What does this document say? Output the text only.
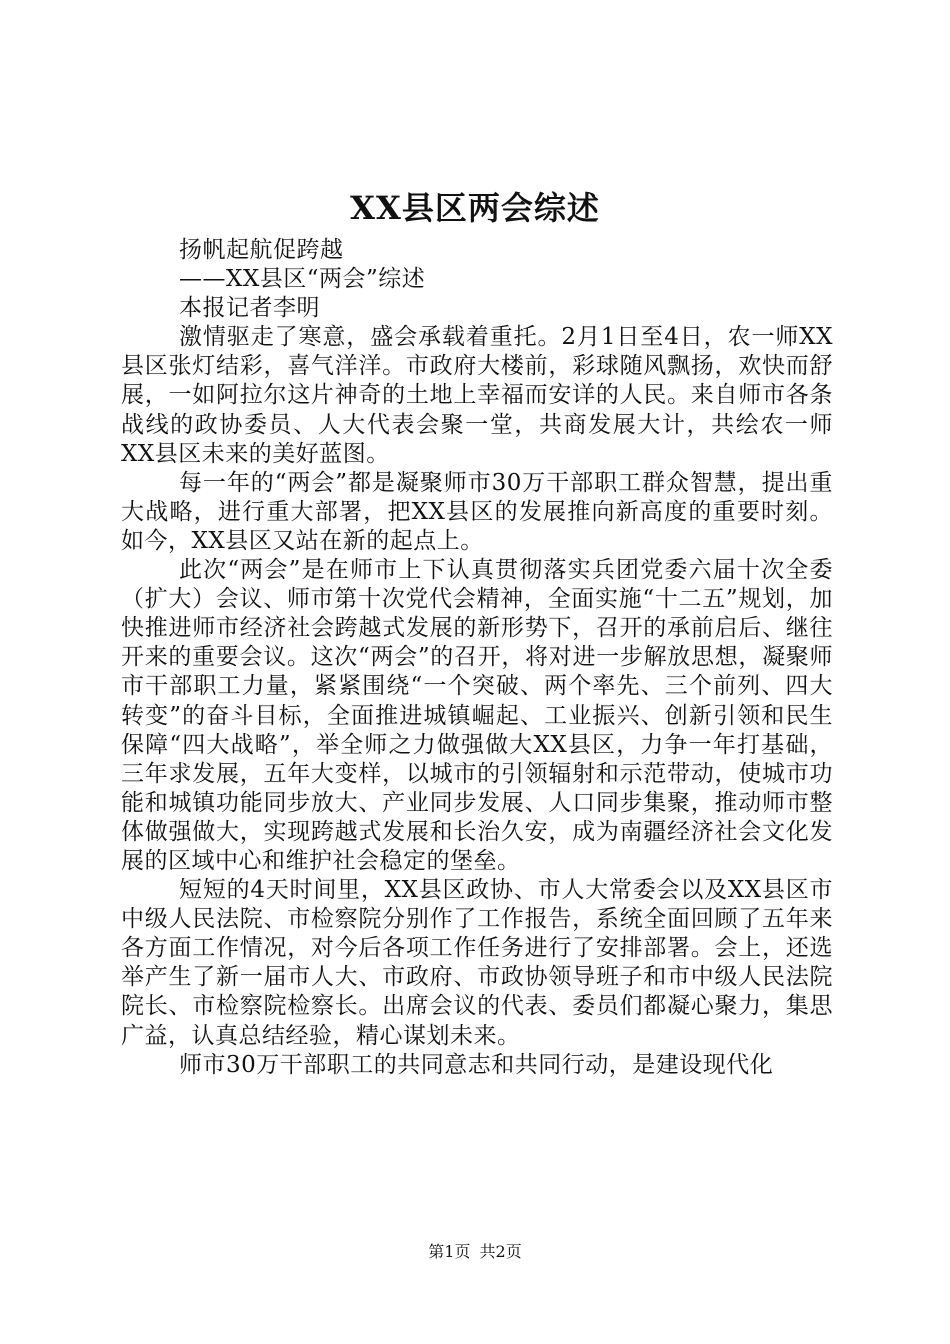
XX县区两会综述

扬帆起航促跨越

——XX县区“两会”综述

本报记者李明

激情驱走了寒意，盛会承载着重托。2月1日至4日，农一师XX县区张灯结彩，喜气洋洋。市政府大楼前，彩球随风飘扬，欢快而舒展，一如阿拉尔这片神奇的土地上幸福而安详的人民。来自师市各条战线的政协委员、人大代表会聚一堂，共商发展大计，共绘农一师XX县区未来的美好蓝图。

每一年的“两会”都是凝聚师市30万干部职工群众智慧，提出重大战略，进行重大部署，把XX县区的发展推向新高度的重要时刻。如今，XX县区又站在新的起点上。

此次“两会”是在师市上下认真贯彻落实兵团党委六届十次全委（扩大）会议、师市第十次党代会精神，全面实施“十二五”规划，加快推进师市经济社会跨越式发展的新形势下，召开的承前启后、继往开来的重要会议。这次“两会”的召开，将对进一步解放思想，凝聚师市干部职工力量，紧紧围绕“一个突破、两个率先、三个前列、四大转变”的奋斗目标，全面推进城镇崛起、工业振兴、创新引领和民生保障“四大战略”，举全师之力做强做大XX县区，力争一年打基础，三年求发展，五年大变样，以城市的引领辐射和示范带动，使城市功能和城镇功能同步放大、产业同步发展、人口同步集聚，推动师市整体做强做大，实现跨越式发展和长治久安，成为南疆经济社会文化发展的区域中心和维护社会稳定的堡垒。

短短的4天时间里，XX县区政协、市人大常委会以及XX县区市中级人民法院、市检察院分别作了工作报告，系统全面回顾了五年来各方面工作情况，对今后各项工作任务进行了安排部署。会上，还选举产生了新一届市人大、市政府、市政协领导班子和市中级人民法院院长、市检察院检察长。出席会议的代表、委员们都凝心聚力，集思广益，认真总结经验，精心谋划未来。

师市30万干部职工的共同意志和共同行动，是建设现代化

第1页 共2页
